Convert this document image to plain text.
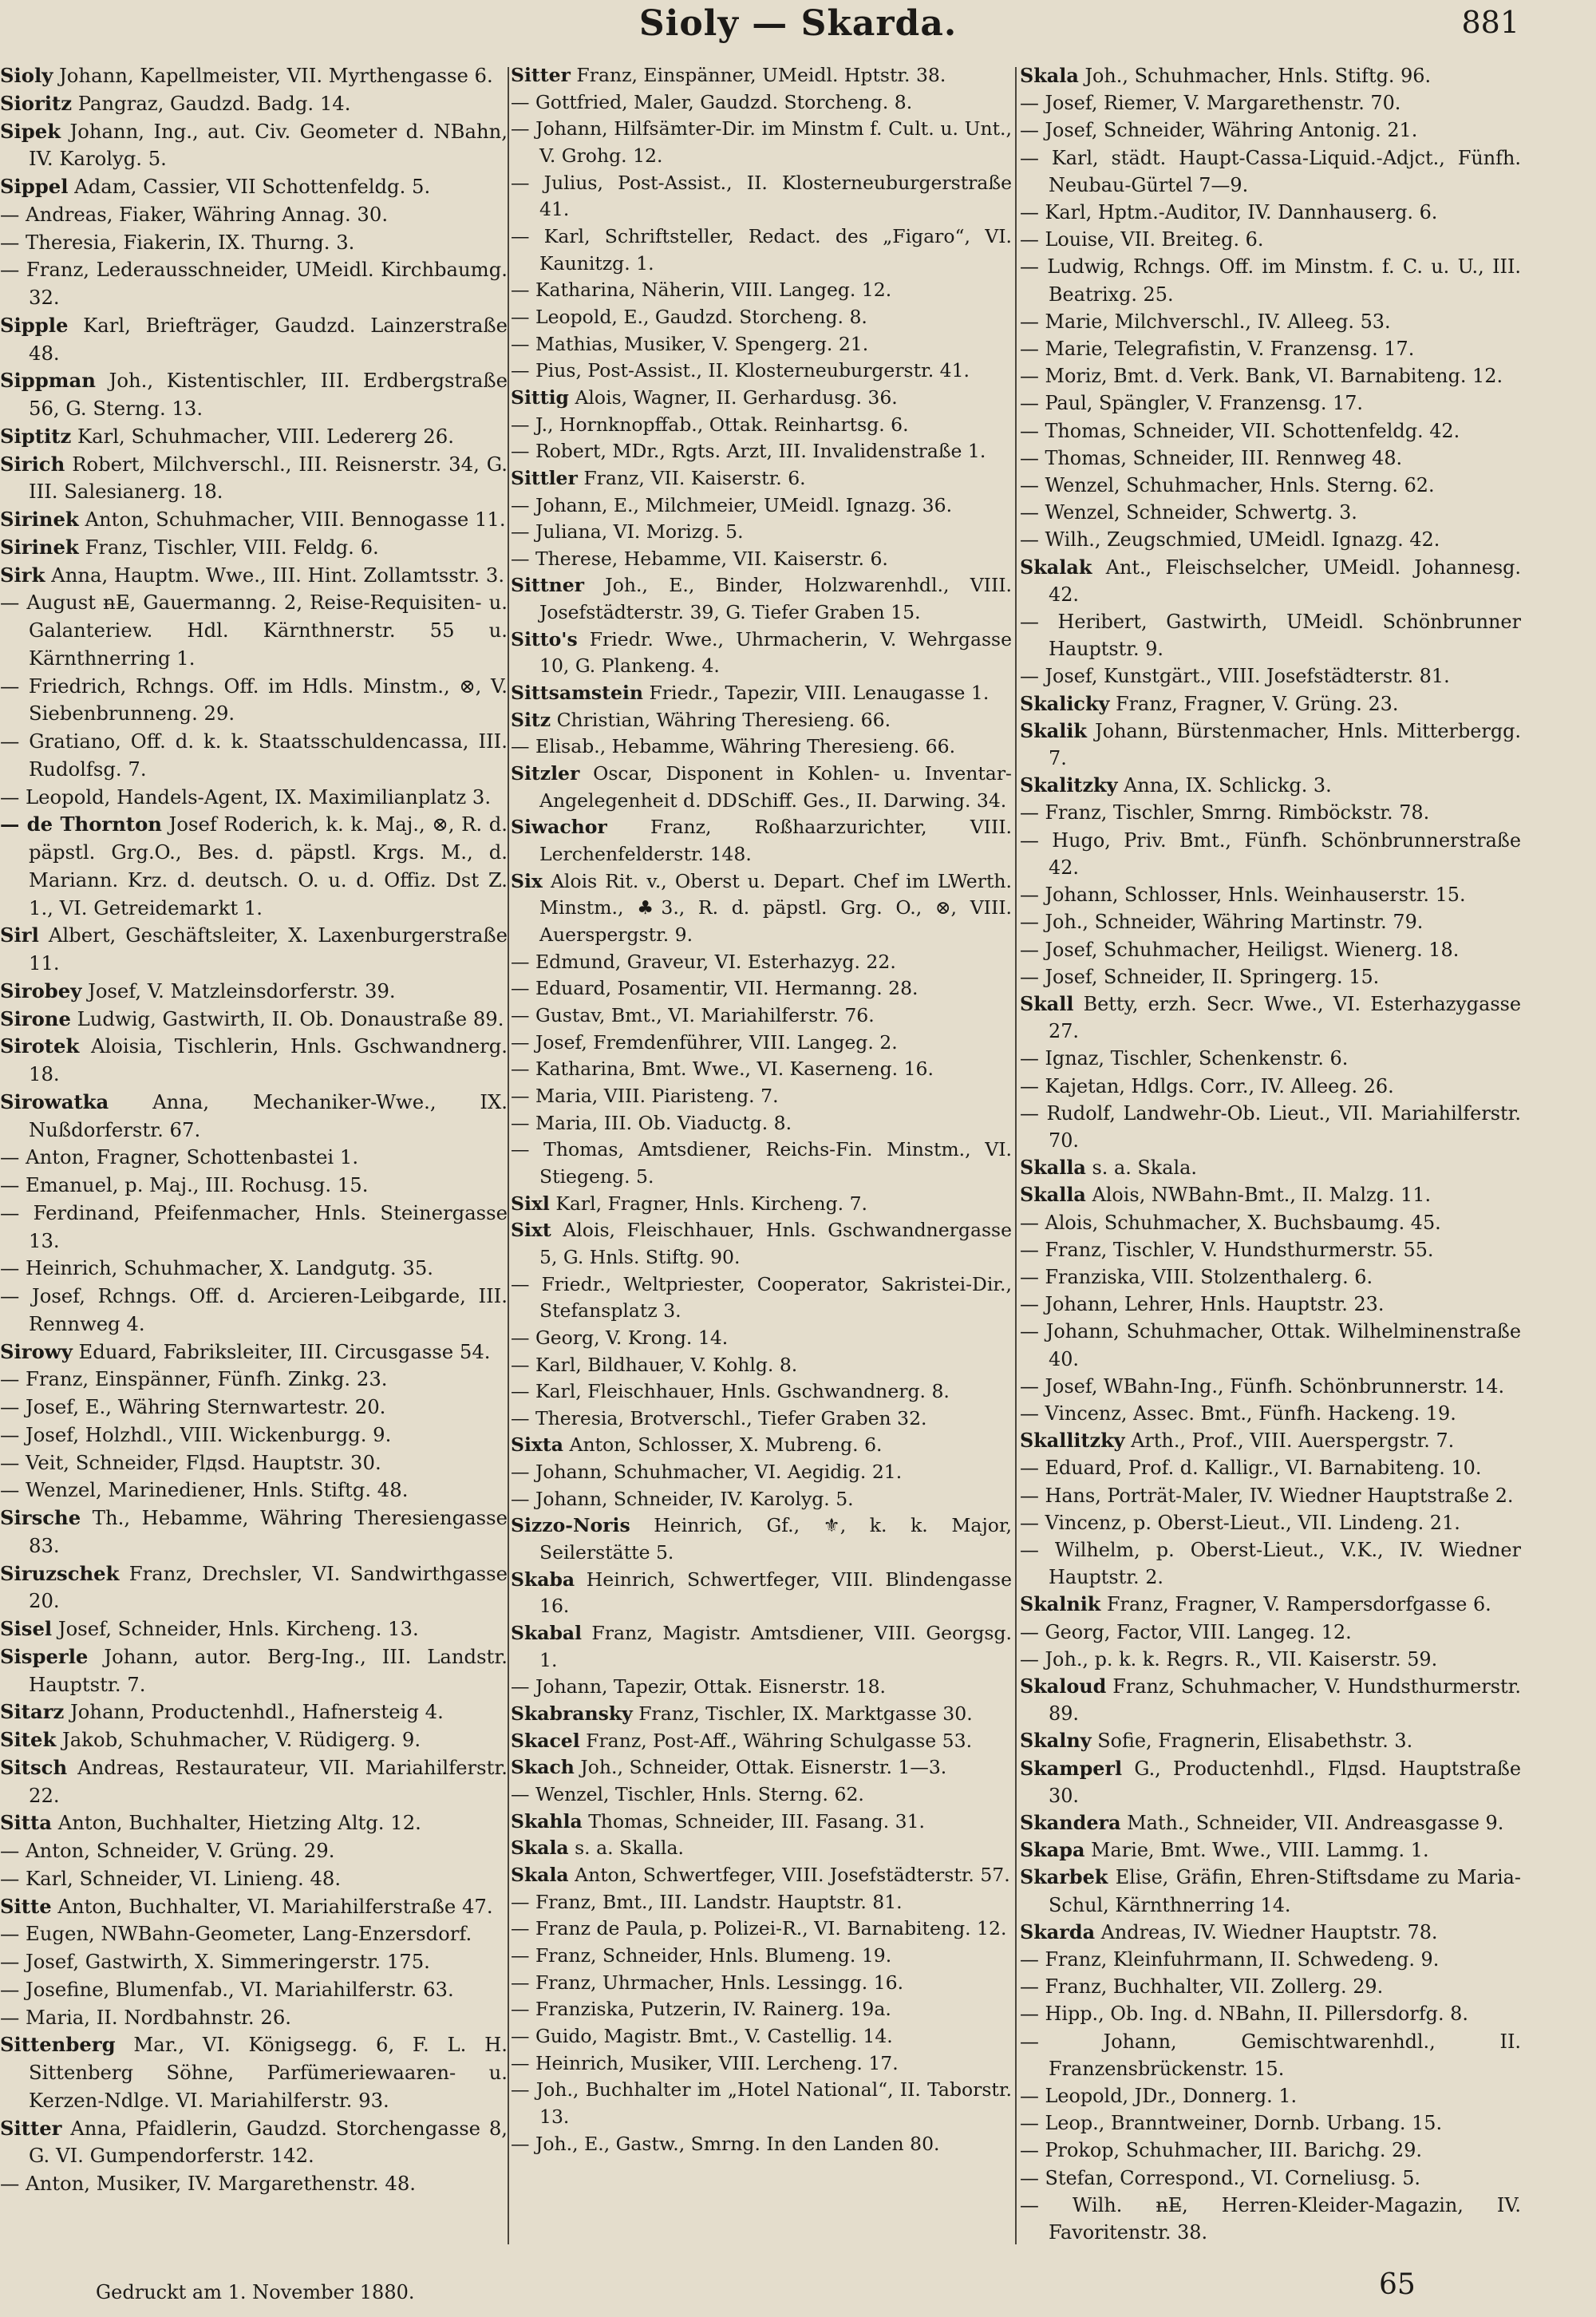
Sioly — Skarda.	881

Sioly Johann, Kapellmeister, VII. Myrthengasse 6.

Sioritz Pangraz, Gaudzd. Badg. 14.

Sipek Johann, Ing., aut. Civ. Geometer d. NBahn, IV. Karolyg. 5.

Sippel Adam, Cassier, VII Schottenfeldg. 5.

— Andreas, Fiaker, Währing Annag. 30.

— Theresia, Fiakerin, IX. Thurng. 3.

— Franz, Lederausschneider, UMeidl. Kirchbaumg. 32.

Sipple Karl, Briefträger, Gaudzd. Lainzerstraße 48.

Sippman Joh., Kistentischler, III. Erdbergstraße 56, G. Sterng. 13.

Siptitz Karl, Schuhmacher, VIII. Ledererg 26.

Sirich Robert, Milchverschl., III. Reisnerstr. 34, G. III. Salesianerg. 18.

Sirinek Anton, Schuhmacher, VIII. Bennogasse 11.

Sirinek Franz, Tischler, VIII. Feldg. 6.

Sirk Anna, Hauptm. Wwe., III. Hint. Zollamtsstr. 3.

— August n̶E̶, Gauermanng. 2, Reise-Requisiten- u. Galanteriew. Hdl. Kärnthnerstr. 55 u. Kärnthnerring 1.

— Friedrich, Rchngs. Off. im Hdls. Minstm., ⊗, V. Siebenbrunneng. 29.

— Gratiano, Off. d. k. k. Staatsschuldencassa, III. Rudolfsg. 7.

— Leopold, Handels-Agent, IX. Maximilianplatz 3.

— de Thornton Josef Roderich, k. k. Maj., ⊗, R. d. päpstl. Grg.O., Bes. d. päpstl. Krgs. M., d. Mariann. Krz. d. deutsch. O. u. d. Offiz. Dst Z. 1., VI. Getreidemarkt 1.

Sirl Albert, Geschäftsleiter, X. Laxenburgerstraße 11.

Sirobey Josef, V. Matzleinsdorferstr. 39.

Sirone Ludwig, Gastwirth, II. Ob. Donaustraße 89.

Sirotek Aloisia, Tischlerin, Hnls. Gschwandnerg. 18.

Sirowatka Anna, Mechaniker-Wwe., IX. Nußdorferstr. 67.

— Anton, Fragner, Schottenbastei 1.

— Emanuel, p. Maj., III. Rochusg. 15.

— Ferdinand, Pfeifenmacher, Hnls. Steinergasse 13.

— Heinrich, Schuhmacher, X. Landgutg. 35.

— Josef, Rchngs. Off. d. Arcieren-Leibgarde, III. Rennweg 4.

Sirowy Eduard, Fabriksleiter, III. Circusgasse 54.

— Franz, Einspänner, Fünfh. Zinkg. 23.

— Josef, E., Währing Sternwartestr. 20.

— Josef, Holzhdl., VIII. Wickenburgg. 9.

— Veit, Schneider, Flдsd. Hauptstr. 30.

— Wenzel, Marinediener, Hnls. Stiftg. 48.

Sirsche Th., Hebamme, Währing Theresiengasse 83.

Siruzschek Franz, Drechsler, VI. Sandwirthgasse 20.

Sisel Josef, Schneider, Hnls. Kircheng. 13.

Sisperle Johann, autor. Berg-Ing., III. Landstr. Hauptstr. 7.

Sitarz Johann, Productenhdl., Hafnersteig 4.

Sitek Jakob, Schuhmacher, V. Rüdigerg. 9.

Sitsch Andreas, Restaurateur, VII. Mariahilferstr. 22.

Sitta Anton, Buchhalter, Hietzing Altg. 12.

— Anton, Schneider, V. Grüng. 29.

— Karl, Schneider, VI. Linieng. 48.

Sitte Anton, Buchhalter, VI. Mariahilferstraße 47.

— Eugen, NWBahn-Geometer, Lang-Enzersdorf.

— Josef, Gastwirth, X. Simmeringerstr. 175.

— Josefine, Blumenfab., VI. Mariahilferstr. 63.

— Maria, II. Nordbahnstr. 26.

Sittenberg Mar., VI. Königsegg. 6, F. L. H. Sittenberg Söhne, Parfümeriewaaren- u. Kerzen-Ndlge. VI. Mariahilferstr. 93.

Sitter Anna, Pfaidlerin, Gaudzd. Storchengasse 8, G. VI. Gumpendorferstr. 142.

— Anton, Musiker, IV. Margarethenstr. 48.

Sitter Franz, Einspänner, UMeidl. Hptstr. 38.

— Gottfried, Maler, Gaudzd. Storcheng. 8.

— Johann, Hilfsämter-Dir. im Minstm f. Cult. u. Unt., V. Grohg. 12.

— Julius, Post-Assist., II. Klosterneuburgerstraße 41.

— Karl, Schriftsteller, Redact. des „Figaro“, VI. Kaunitzg. 1.

— Katharina, Näherin, VIII. Langeg. 12.

— Leopold, E., Gaudzd. Storcheng. 8.

— Mathias, Musiker, V. Spengerg. 21.

— Pius, Post-Assist., II. Klosterneuburgerstr. 41.

Sittig Alois, Wagner, II. Gerhardusg. 36.

— J., Hornknopffab., Ottak. Reinhartsg. 6.

— Robert, MDr., Rgts. Arzt, III. Invalidenstraße 1.

Sittler Franz, VII. Kaiserstr. 6.

— Johann, E., Milchmeier, UMeidl. Ignazg. 36.

— Juliana, VI. Morizg. 5.

— Therese, Hebamme, VII. Kaiserstr. 6.

Sittner Joh., E., Binder, Holzwarenhdl., VIII. Josefstädterstr. 39, G. Tiefer Graben 15.

Sitto's Friedr. Wwe., Uhrmacherin, V. Wehrgasse 10, G. Plankeng. 4.

Sittsamstein Friedr., Tapezir, VIII. Lenaugasse 1.

Sitz Christian, Währing Theresieng. 66.

— Elisab., Hebamme, Währing Theresieng. 66.

Sitzler Oscar, Disponent in Kohlen- u. Inventar-Angelegenheit d. DDSchiff. Ges., II. Darwing. 34.

Siwachor Franz, Roßhaarzurichter, VIII. Lerchenfelderstr. 148.

Six Alois Rit. v., Oberst u. Depart. Chef im LWerth. Minstm., ♣3., R. d. päpstl. Grg. O., ⊗, VIII. Auerspergstr. 9.

— Edmund, Graveur, VI. Esterhazyg. 22.

— Eduard, Posamentir, VII. Hermanng. 28.

— Gustav, Bmt., VI. Mariahilferstr. 76.

— Josef, Fremdenführer, VIII. Langeg. 2.

— Katharina, Bmt. Wwe., VI. Kaserneng. 16.

— Maria, VIII. Piaristeng. 7.

— Maria, III. Ob. Viaductg. 8.

— Thomas, Amtsdiener, Reichs-Fin. Minstm., VI. Stiegeng. 5.

Sixl Karl, Fragner, Hnls. Kircheng. 7.

Sixt Alois, Fleischhauer, Hnls. Gschwandnergasse 5, G. Hnls. Stiftg. 90.

— Friedr., Weltpriester, Cooperator, Sakristei-Dir., Stefansplatz 3.

— Georg, V. Krong. 14.

— Karl, Bildhauer, V. Kohlg. 8.

— Karl, Fleischhauer, Hnls. Gschwandnerg. 8.

— Theresia, Brotverschl., Tiefer Graben 32.

Sixta Anton, Schlosser, X. Mubreng. 6.

— Johann, Schuhmacher, VI. Aegidig. 21.

— Johann, Schneider, IV. Karolyg. 5.

Sizzo-Noris Heinrich, Gf., ⚜, k. k. Major, Seilerstätte 5.

Skaba Heinrich, Schwertfeger, VIII. Blindengasse 16.

Skabal Franz, Magistr. Amtsdiener, VIII. Georgsg. 1.

— Johann, Tapezir, Ottak. Eisnerstr. 18.

Skabransky Franz, Tischler, IX. Marktgasse 30.

Skacel Franz, Post-Aff., Währing Schulgasse 53.

Skach Joh., Schneider, Ottak. Eisnerstr. 1—3.

— Wenzel, Tischler, Hnls. Sterng. 62.

Skahla Thomas, Schneider, III. Fasang. 31.

Skala s. a. Skalla.

Skala Anton, Schwertfeger, VIII. Josefstädterstr. 57.

— Franz, Bmt., III. Landstr. Hauptstr. 81.

— Franz de Paula, p. Polizei-R., VI. Barnabiteng. 12.

— Franz, Schneider, Hnls. Blumeng. 19.

— Franz, Uhrmacher, Hnls. Lessingg. 16.

— Franziska, Putzerin, IV. Rainerg. 19a.

— Guido, Magistr. Bmt., V. Castellig. 14.

— Heinrich, Musiker, VIII. Lercheng. 17.

— Joh., Buchhalter im „Hotel National“, II. Taborstr. 13.

— Joh., E., Gastw., Smrng. In den Landen 80.

Skala Joh., Schuhmacher, Hnls. Stiftg. 96.

— Josef, Riemer, V. Margarethenstr. 70.

— Josef, Schneider, Währing Antonig. 21.

— Karl, städt. Haupt-Cassa-Liquid.-Adjct., Fünfh. Neubau-Gürtel 7—9.

— Karl, Hptm.-Auditor, IV. Dannhauserg. 6.

— Louise, VII. Breiteg. 6.

— Ludwig, Rchngs. Off. im Minstm. f. C. u. U., III. Beatrixg. 25.

— Marie, Milchverschl., IV. Alleeg. 53.

— Marie, Telegrafistin, V. Franzensg. 17.

— Moriz, Bmt. d. Verk. Bank, VI. Barnabiteng. 12.

— Paul, Spängler, V. Franzensg. 17.

— Thomas, Schneider, VII. Schottenfeldg. 42.

— Thomas, Schneider, III. Rennweg 48.

— Wenzel, Schuhmacher, Hnls. Sterng. 62.

— Wenzel, Schneider, Schwertg. 3.

— Wilh., Zeugschmied, UMeidl. Ignazg. 42.

Skalak Ant., Fleischselcher, UMeidl. Johannesg. 42.

— Heribert, Gastwirth, UMeidl. Schönbrunner Hauptstr. 9.

— Josef, Kunstgärt., VIII. Josefstädterstr. 81.

Skalicky Franz, Fragner, V. Grüng. 23.

Skalik Johann, Bürstenmacher, Hnls. Mitterbergg. 7.

Skalitzky Anna, IX. Schlickg. 3.

— Franz, Tischler, Smrng. Rimböckstr. 78.

— Hugo, Priv. Bmt., Fünfh. Schönbrunnerstraße 42.

— Johann, Schlosser, Hnls. Weinhauserstr. 15.

— Joh., Schneider, Währing Martinstr. 79.

— Josef, Schuhmacher, Heiligst. Wienerg. 18.

— Josef, Schneider, II. Springerg. 15.

Skall Betty, erzh. Secr. Wwe., VI. Esterhazygasse 27.

— Ignaz, Tischler, Schenkenstr. 6.

— Kajetan, Hdlgs. Corr., IV. Alleeg. 26.

— Rudolf, Landwehr-Ob. Lieut., VII. Mariahilferstr. 70.

Skalla s. a. Skala.

Skalla Alois, NWBahn-Bmt., II. Malzg. 11.

— Alois, Schuhmacher, X. Buchsbaumg. 45.

— Franz, Tischler, V. Hundsthurmerstr. 55.

— Franziska, VIII. Stolzenthalerg. 6.

— Johann, Lehrer, Hnls. Hauptstr. 23.

— Johann, Schuhmacher, Ottak. Wilhelminenstraße 40.

— Josef, WBahn-Ing., Fünfh. Schönbrunnerstr. 14.

— Vincenz, Assec. Bmt., Fünfh. Hackeng. 19.

Skallitzky Arth., Prof., VIII. Auerspergstr. 7.

— Eduard, Prof. d. Kalligr., VI. Barnabiteng. 10.

— Hans, Porträt-Maler, IV. Wiedner Hauptstraße 2.

— Vincenz, p. Oberst-Lieut., VII. Lindeng. 21.

— Wilhelm, p. Oberst-Lieut., V.K., IV. Wiedner Hauptstr. 2.

Skalnik Franz, Fragner, V. Rampersdorfgasse 6.

— Georg, Factor, VIII. Langeg. 12.

— Joh., p. k. k. Regrs. R., VII. Kaiserstr. 59.

Skaloud Franz, Schuhmacher, V. Hundsthurmerstr. 89.

Skalny Sofie, Fragnerin, Elisabethstr. 3.

Skamperl G., Productenhdl., Flдsd. Hauptstraße 30.

Skandera Math., Schneider, VII. Andreasgasse 9.

Skapa Marie, Bmt. Wwe., VIII. Lammg. 1.

Skarbek Elise, Gräfin, Ehren-Stiftsdame zu Maria-Schul, Kärnthnerring 14.

Skarda Andreas, IV. Wiedner Hauptstr. 78.

— Franz, Kleinfuhrmann, II. Schwedeng. 9.

— Franz, Buchhalter, VII. Zollerg. 29.

— Hipp., Ob. Ing. d. NBahn, II. Pillersdorfg. 8.

— Johann, Gemischtwarenhdl., II. Franzensbrückenstr. 15.

— Leopold, JDr., Donnerg. 1.

— Leop., Branntweiner, Dornb. Urbang. 15.

— Prokop, Schuhmacher, III. Barichg. 29.

— Stefan, Correspond., VI. Corneliusg. 5.

— Wilh. n̶E̶, Herren-Kleider-Magazin, IV. Favoritenstr. 38.

Gedruckt am 1. November 1880.	65
